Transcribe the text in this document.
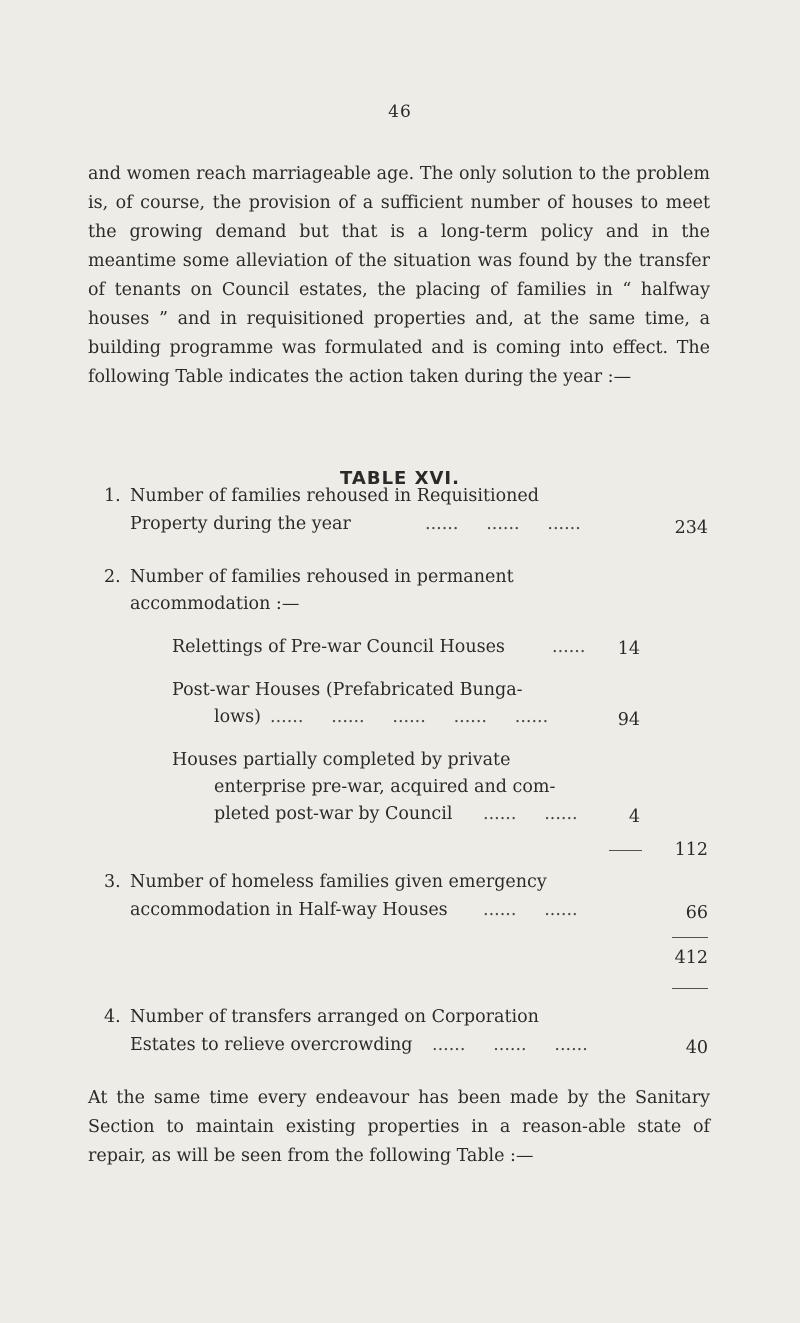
46

and women reach marriageable age. The only solution to the problem is, of course, the provision of a sufficient number of houses to meet the growing demand but that is a long-term policy and in the meantime some alleviation of the situation was found by the transfer of tenants on Council estates, the placing of families in “ halfway houses ” and in requisitioned properties and, at the same time, a building programme was formulated and is coming into effect. The following Table indicates the action taken during the year :—

TABLE XVI.
1. Number of families rehoused in Requisitioned
Property during the year	......     ......     ......	234
2. Number of families rehoused in permanent
accommodation :—
Relettings of Pre-war Council Houses	......	14
Post-war Houses (Prefabricated Bunga-
lows) ......     ......     ......     ......     ......	94
Houses partially completed by private
enterprise pre-war, acquired and com-
pleted post-war by Council ......     ......	4
112
3. Number of homeless families given emergency
accommodation in Half-way Houses ......     ......	66
412
4. Number of transfers arranged on Corporation
Estates to relieve overcrowding ......     ......     ......	40

At the same time every endeavour has been made by the Sanitary Section to maintain existing properties in a reason-able state of repair, as will be seen from the following Table :—
